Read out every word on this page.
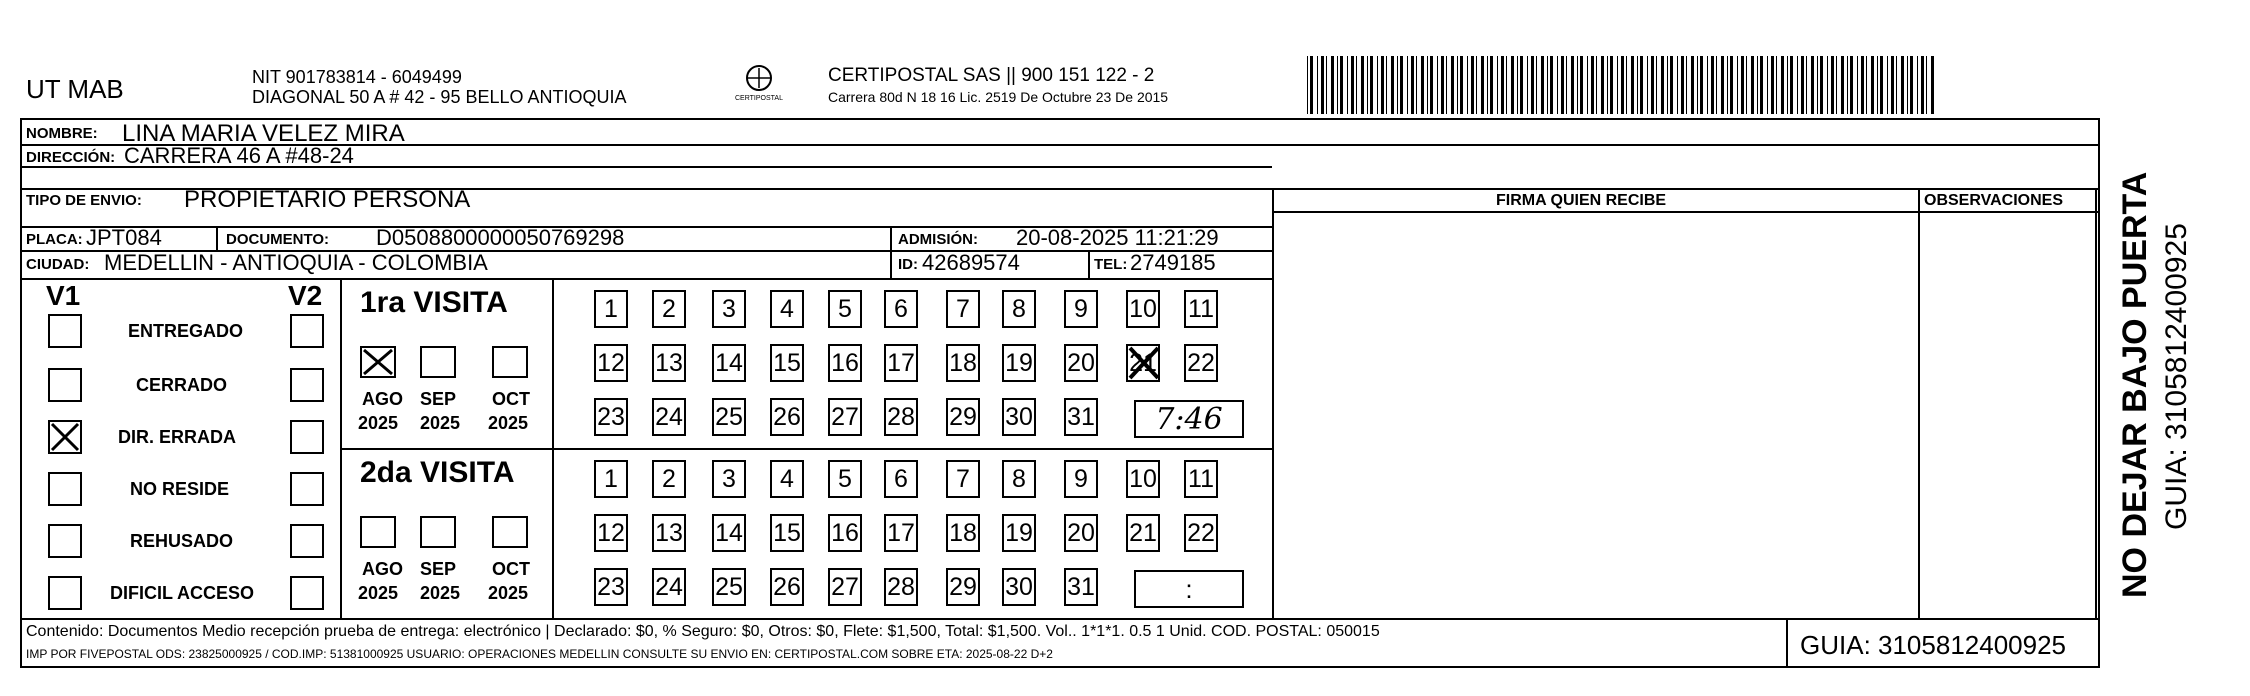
UT MAB	NIT 901783814 - 6049499
DIAGONAL 50 A # 42 - 95 BELLO ANTIOQUIA	CERTIPOSTAL
CERTIPOSTAL SAS || 900 151 122 - 2
Carrera 80d N 18 16 Lic. 2519 De Octubre 23 De 2015
NOMBRE: LINA MARIA VELEZ MIRA
DIRECCIÓN: CARRERA 46 A #48-24
TIPO DE ENVIO: PROPIETARIO PERSONA
PLACA: JPT084	DOCUMENTO: D0508800000050769298	ADMISIÓN: 20-08-2025 11:21:29
CIUDAD: MEDELLIN - ANTIOQUIA - COLOMBIA	ID: 42689574	TEL: 2749185
FIRMA QUIEN RECIBE	OBSERVACIONES
V1	V2
ENTREGADO
CERRADO
DIR. ERRADA
NO RESIDE
REHUSADO
DIFICIL ACCESO
1ra VISITA
AGO
2025
SEP
2025
OCT
2025
1	2	3	4	5	6	7	8	9	10 11
12 13 14 15 16 17 18 19 20 21 22
23 24 25 26 27 28 29 30 31 7:46
2da VISITA
AGO
2025
SEP
2025
OCT
2025
1	2	3	4	5	6	7	8	9	10 11
12 13 14 15 16 17 18 19 20 21 22
23 24 25 26 27 28 29 30 31	:
Contenido: Documentos Medio recepción prueba de entrega: electrónico | Declarado: $0, % Seguro: $0, Otros: $0, Flete: $1,500, Total: $1,500. Vol.. 1*1*1. 0.5 1 Unid. COD. POSTAL: 050015
IMP POR FIVEPOSTAL ODS: 23825000925 / COD.IMP: 51381000925 USUARIO: OPERACIONES MEDELLIN CONSULTE SU ENVIO EN: CERTIPOSTAL.COM SOBRE ETA: 2025-08-22 D+2	GUIA: 3105812400925
NO DEJAR BAJO PUERTA GUIA: 3105812400925
